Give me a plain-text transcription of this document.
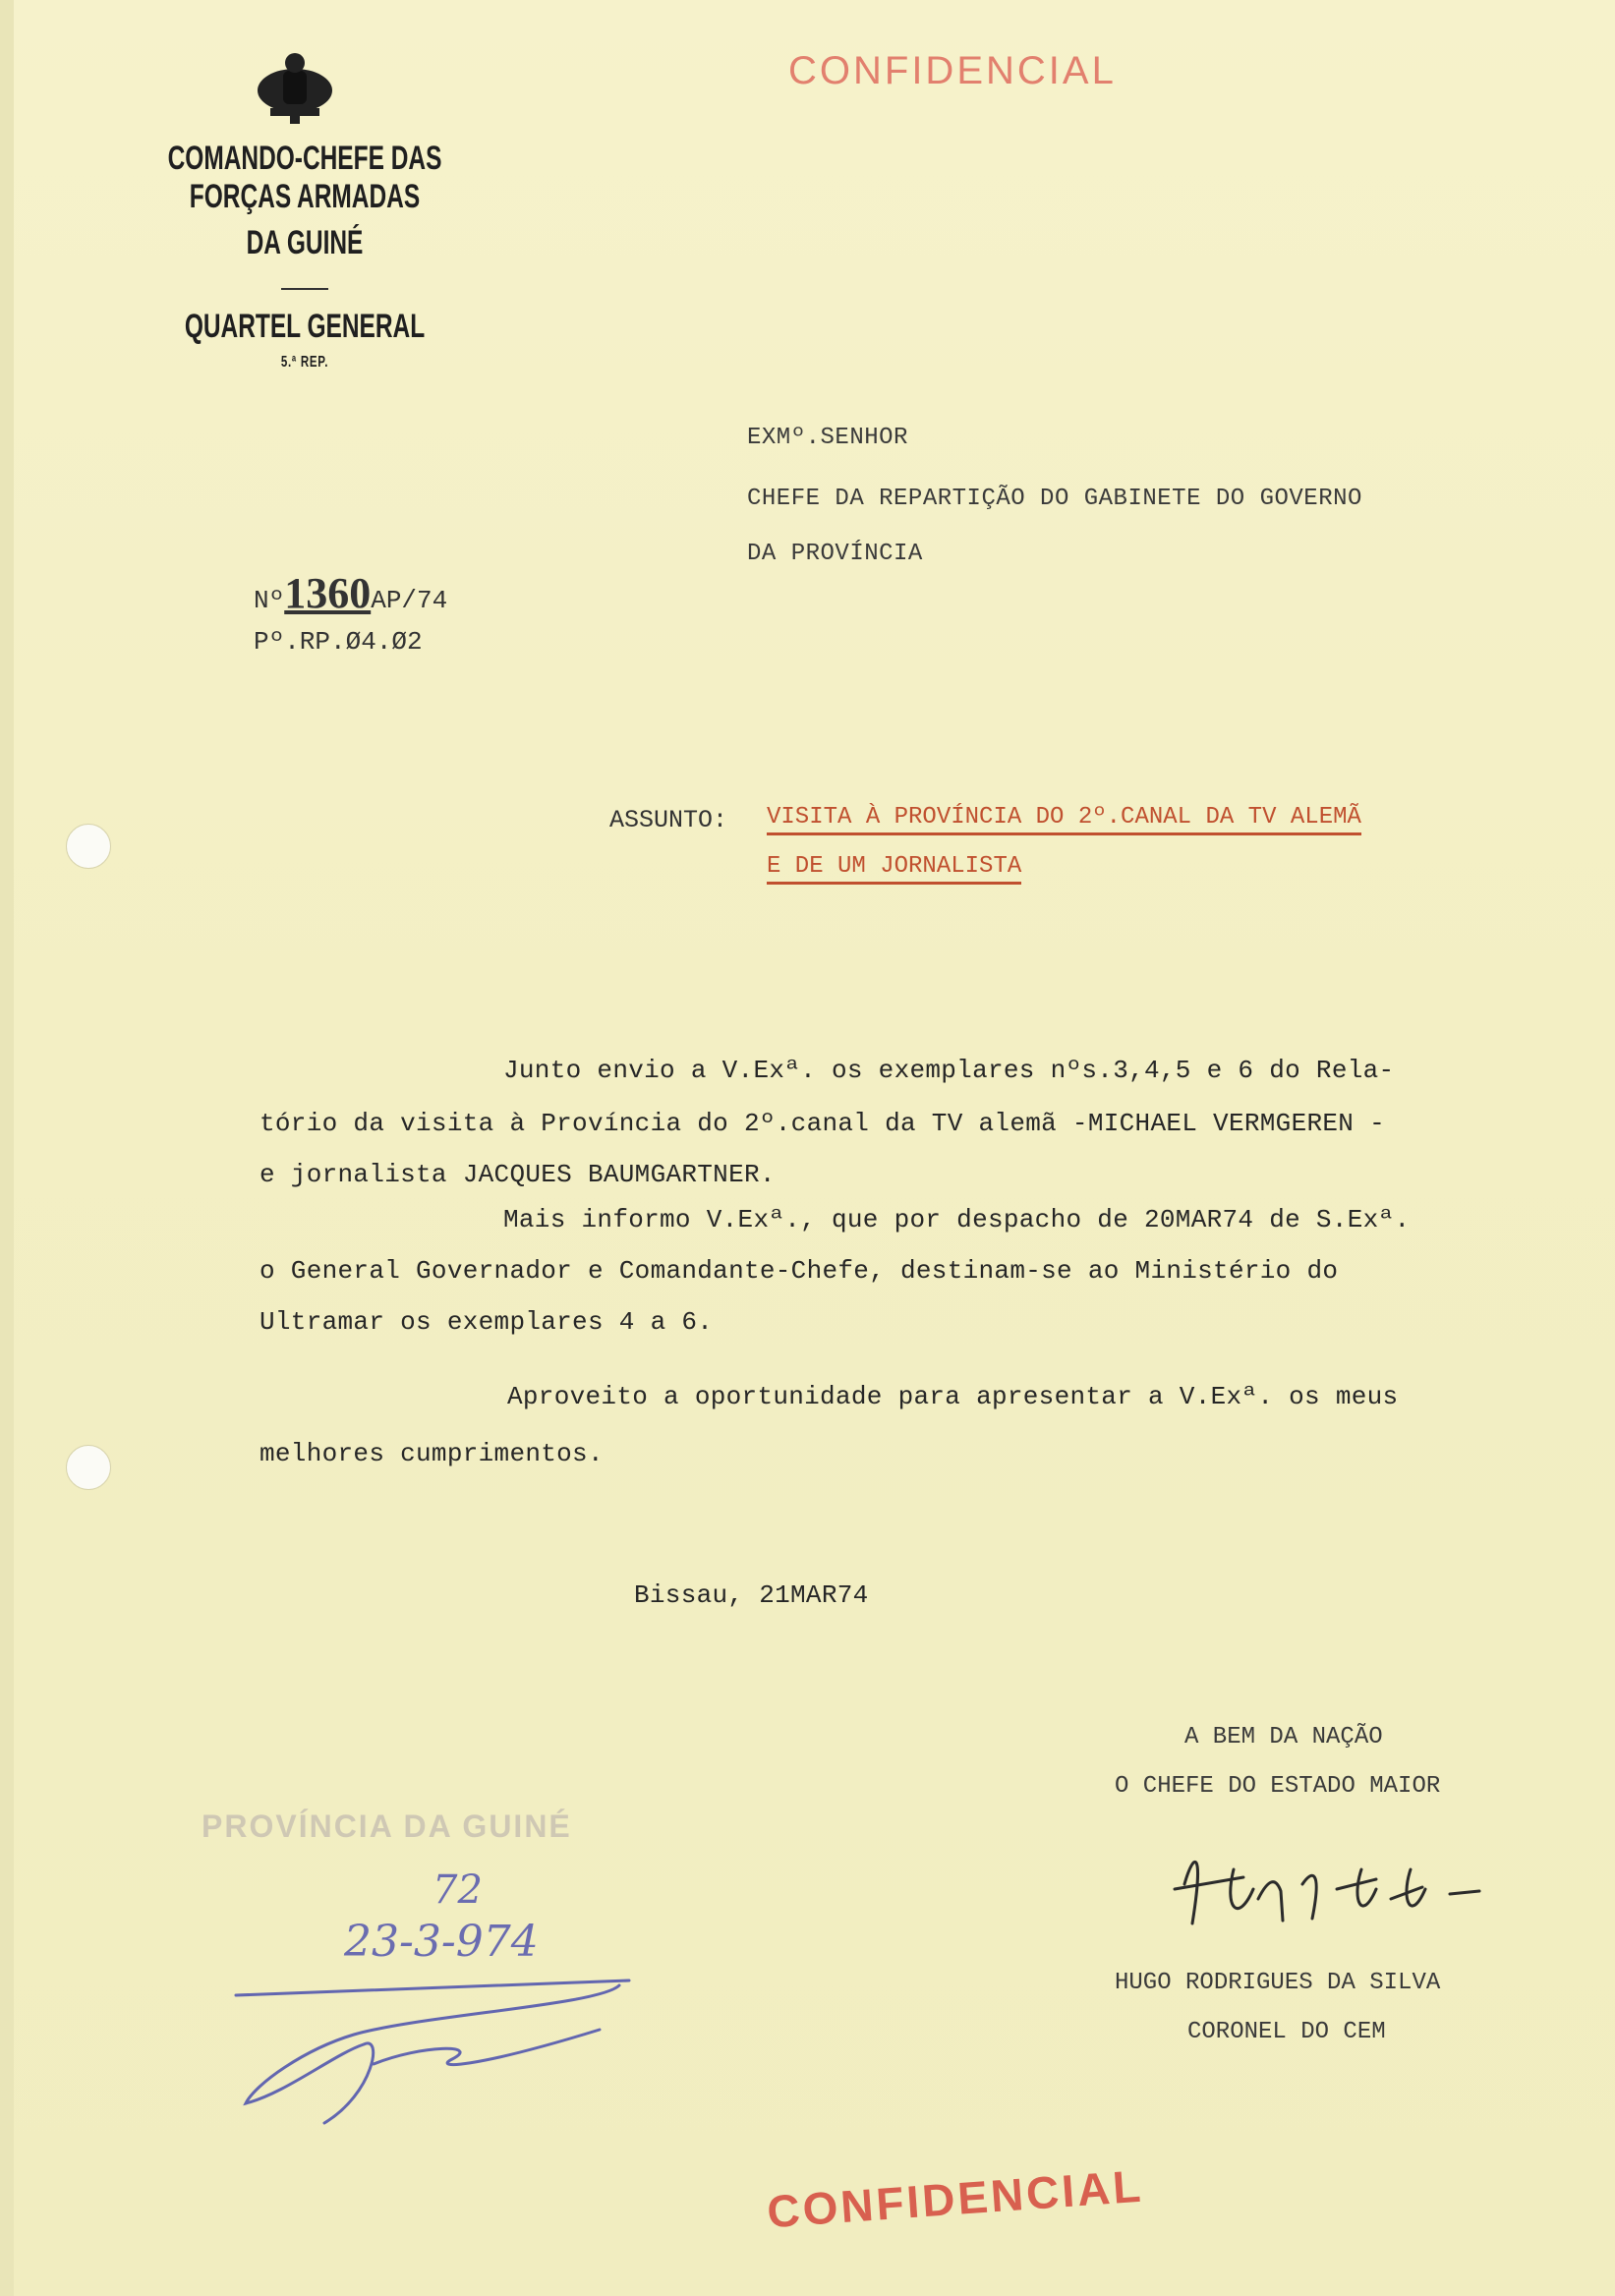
CONFIDENCIAL
COMANDO-CHEFE DAS FORÇAS ARMADAS
DA GUINÉ
QUARTEL GENERAL
5.ª REP.
EXMº.SENHOR
CHEFE DA REPARTIÇÃO DO GABINETE DO GOVERNO
DA PROVÍNCIA
Nº1360AP/74
Pº.RP.Ø4.Ø2
ASSUNTO: VISITA À PROVÍNCIA DO 2º.CANAL DA TV ALEMÃ
E DE UM JORNALISTA
Junto envio a V.Exª. os exemplares nºs.3,4,5 e 6 do Rela-
tório da visita à Província do 2º.canal da TV alemã -MICHAEL VERMGEREN -
e jornalista JACQUES BAUMGARTNER.
Mais informo V.Exª., que por despacho de 20MAR74 de S.Exª.
o General Governador e Comandante-Chefe, destinam-se ao Ministério do
Ultramar os exemplares 4 a 6.
Aproveito a oportunidade para apresentar a V.Exª. os meus
melhores cumprimentos.
Bissau, 21MAR74
A BEM DA NAÇÃO
O CHEFE DO ESTADO MAIOR
HUGO RODRIGUES DA SILVA
CORONEL DO CEM
PROVÍNCIA DA GUINÉ
72
23-3-974
CONFIDENCIAL
